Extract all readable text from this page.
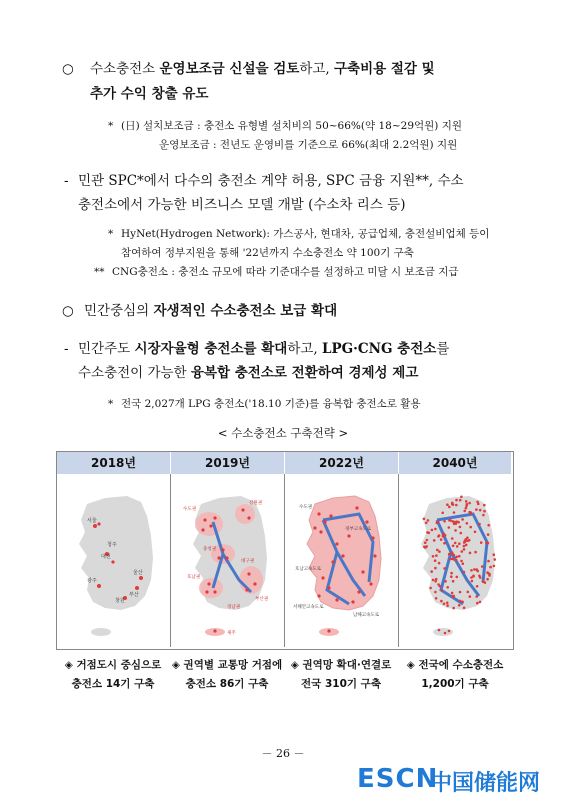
○ 수소충전소 운영보조금 신설을 검토하고, 구축비용 절감 및
추가 수익 창출 유도
* (日) 설치보조금 : 충전소 유형별 설치비의 50~66%(약 18~29억원) 지원
운영보조금 : 전년도 운영비를 기준으로 66%(최대 2.2억원) 지원
- 민관 SPC*에서 다수의 충전소 계약 허용, SPC 금융 지원**, 수소
충전소에서 가능한 비즈니스 모델 개발 (수소차 리스 등)
* HyNet(Hydrogen Network): 가스공사, 현대차, 공급업체, 충전설비업체 등이
참여하여 정부지원을 통해 '22년까지 수소충전소 약 100기 구축
** CNG충전소 : 충전소 규모에 따라 기준대수를 설정하고 미달 시 보조금 지급
○ 민간중심의 자생적인 수소충전소 보급 확대
- 민간주도 시장자율형 충전소를 확대하고, LPG·CNG 충전소를
수소충전이 가능한 융복합 충전소로 전환하여 경제성 제고
* 전국 2,027개 LPG 충전소('18.10 기준)를 융복합 충전소로 활용
< 수소충전소 구축전략 >
2018년	2019년	2022년	2040년
서울
청주
대전
광주
울산
부산
창원
수도권
충청권
대구권
호남권
강원권
부산권
경남권
제주
수도권
경부고속도로
호남고속도로
서해안고속도로
남해고속도로
◈ 거점도시 중심으로
충전소 14기 구축
◈ 권역별 교통망 거점에
충전소 86기 구축
◈ 권역망 확대·연결로
전국 310기 구축
◈ 전국에 수소충전소
1,200기 구축
－ 26 －
ESCN
中国储能网
